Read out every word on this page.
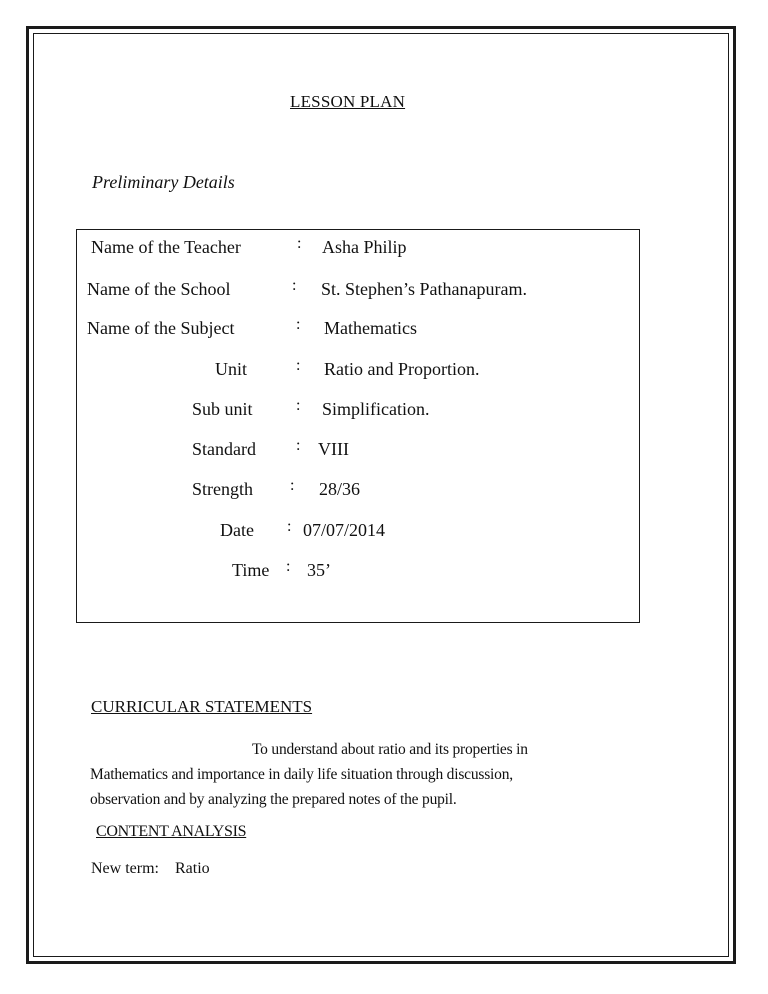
LESSON PLAN
Preliminary Details
Name of the Teacher	: Asha Philip
Name of the School	: St. Stephen’s Pathanapuram.
Name of the Subject	: Mathematics
Unit	: Ratio and Proportion.
Sub unit	: Simplification.
Standard	: VIII
Strength : 28/36
Date : 07/07/2014
Time : 35’
CURRICULAR STATEMENTS
To understand about ratio and its properties in
Mathematics and importance in daily life situation through discussion,
observation and by analyzing the prepared notes of the pupil.
CONTENT ANALYSIS
New term: Ratio
